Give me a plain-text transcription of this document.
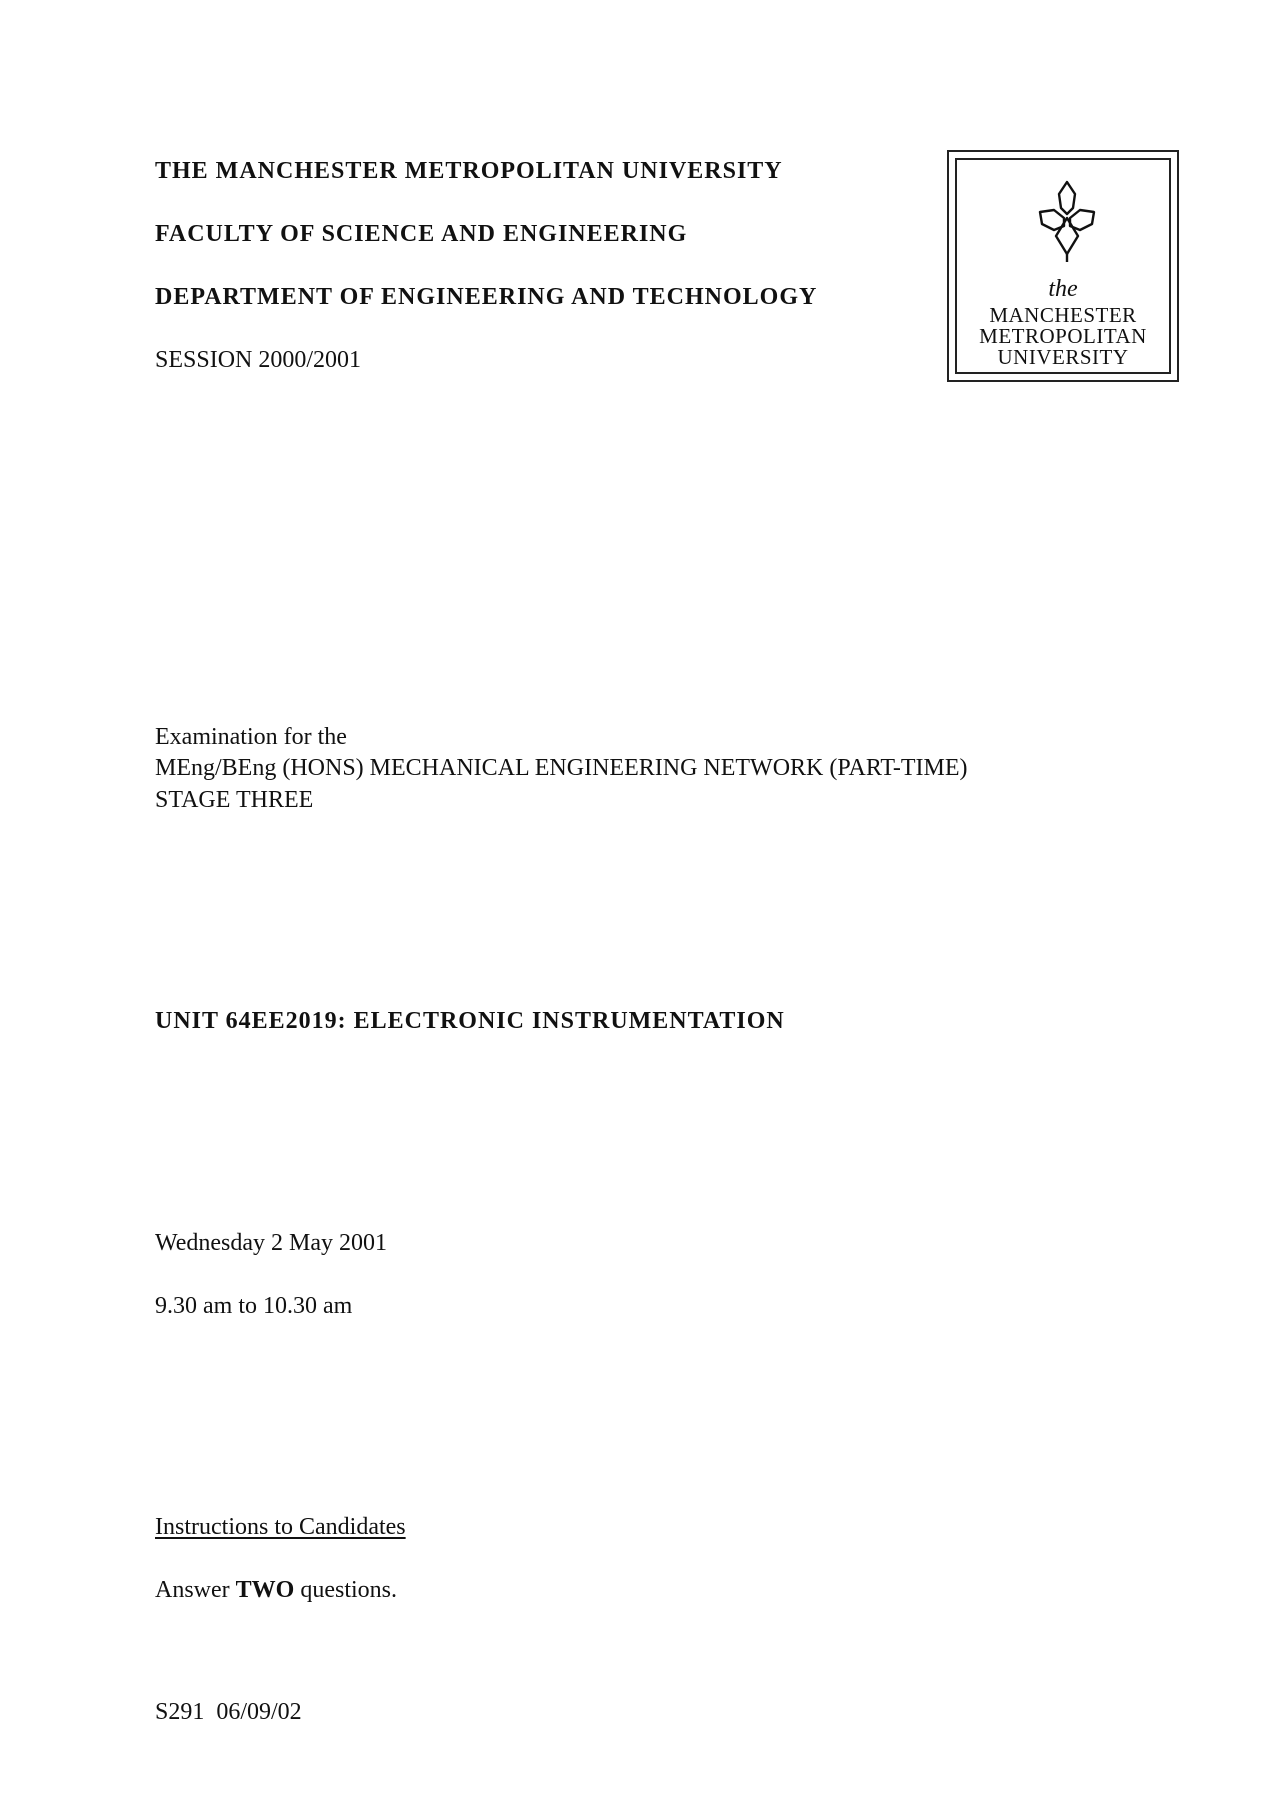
THE MANCHESTER METROPOLITAN UNIVERSITY
FACULTY OF SCIENCE AND ENGINEERING
DEPARTMENT OF ENGINEERING AND TECHNOLOGY
SESSION 2000/2001
the
MANCHESTER
METROPOLITAN
UNIVERSITY
Examination for the
MEng/BEng (HONS) MECHANICAL ENGINEERING NETWORK (PART-TIME)
STAGE THREE
UNIT 64EE2019: ELECTRONIC INSTRUMENTATION
Wednesday 2 May 2001
9.30 am to 10.30 am
Instructions to Candidates
Answer TWO questions.
S291  06/09/02
